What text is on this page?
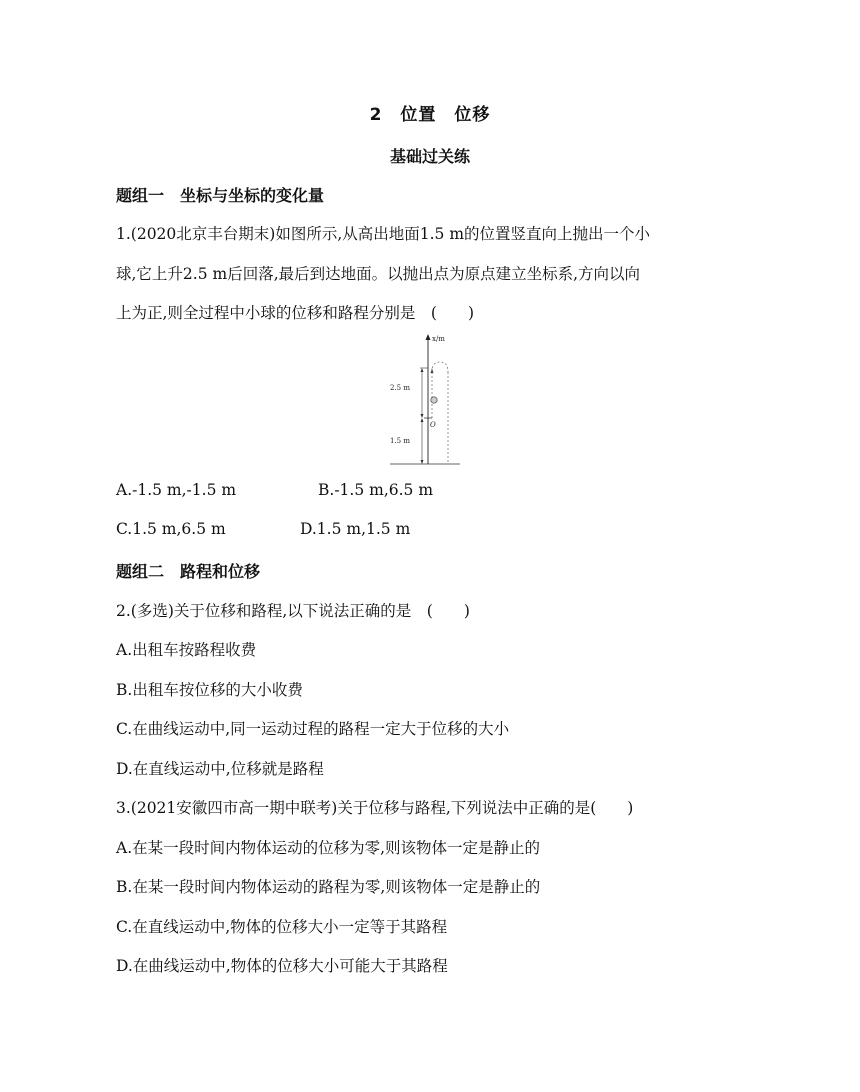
2　位置　位移
基础过关练
题组一　坐标与坐标的变化量
1.(2020北京丰台期末)如图所示,从高出地面1.5 m的位置竖直向上抛出一个小
球,它上升2.5 m后回落,最后到达地面。以抛出点为原点建立坐标系,方向以向
上为正,则全过程中小球的位移和路程分别是　(　　)
x/m
O
2.5 m
1.5 m
A.-1.5 m,-1.5 m	B.-1.5 m,6.5 m
C.1.5 m,6.5 m	D.1.5 m,1.5 m
题组二　路程和位移
2.(多选)关于位移和路程,以下说法正确的是　(　　)
A.出租车按路程收费
B.出租车按位移的大小收费
C.在曲线运动中,同一运动过程的路程一定大于位移的大小
D.在直线运动中,位移就是路程
3.(2021安徽四市高一期中联考)关于位移与路程,下列说法中正确的是(　　)
A.在某一段时间内物体运动的位移为零,则该物体一定是静止的
B.在某一段时间内物体运动的路程为零,则该物体一定是静止的
C.在直线运动中,物体的位移大小一定等于其路程
D.在曲线运动中,物体的位移大小可能大于其路程
